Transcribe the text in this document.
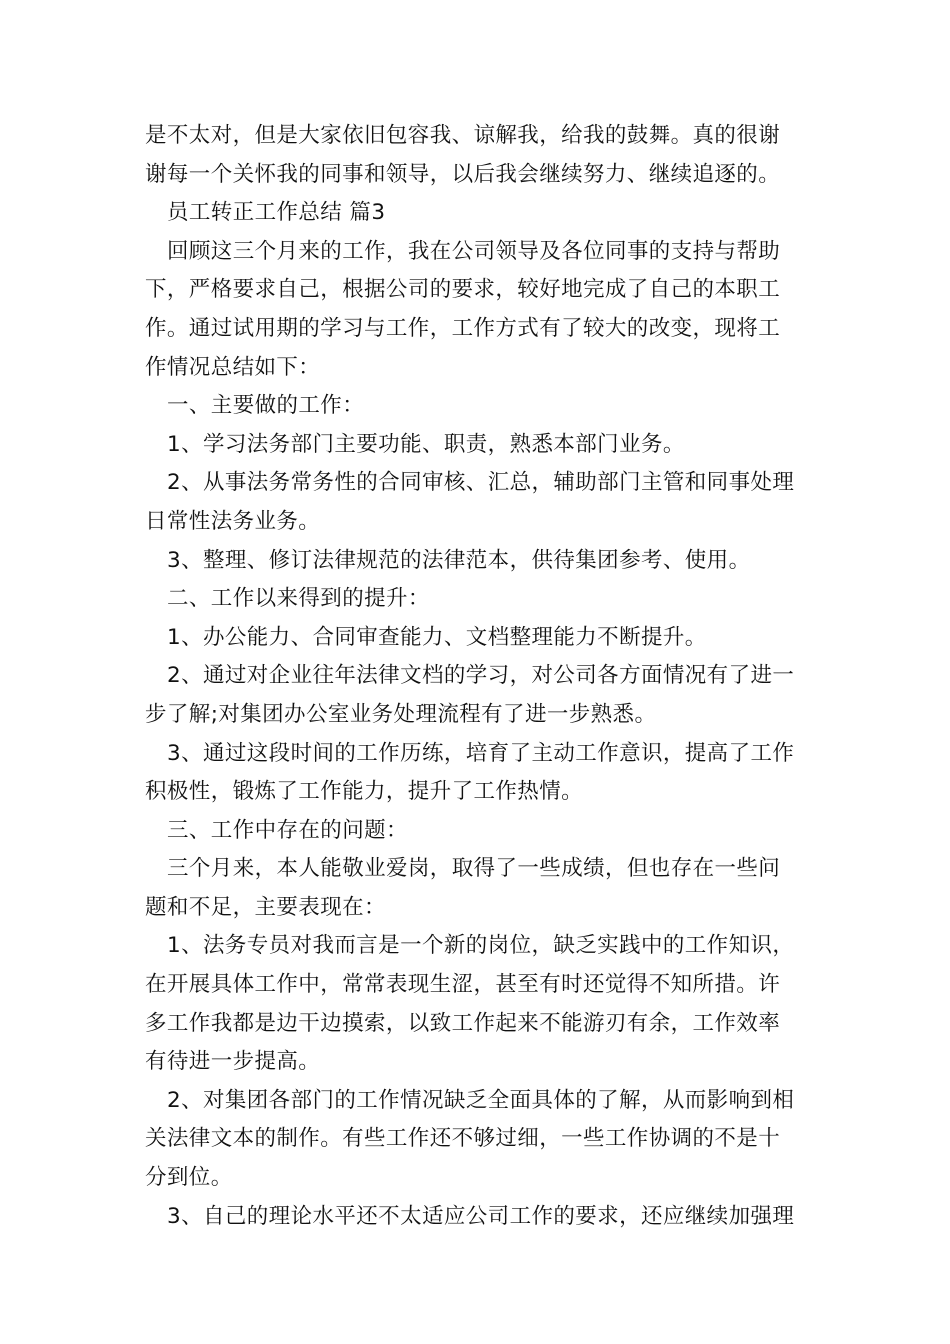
是不太对，但是大家依旧包容我、谅解我，给我的鼓舞。真的很谢
谢每一个关怀我的同事和领导，以后我会继续努力、继续追逐的。
员工转正工作总结 篇3
回顾这三个月来的工作，我在公司领导及各位同事的支持与帮助
下，严格要求自己，根据公司的要求，较好地完成了自己的本职工
作。通过试用期的学习与工作，工作方式有了较大的改变，现将工
作情况总结如下：
一、主要做的工作：
1、学习法务部门主要功能、职责，熟悉本部门业务。
2、从事法务常务性的合同审核、汇总，辅助部门主管和同事处理
日常性法务业务。
3、整理、修订法律规范的法律范本，供待集团参考、使用。
二、工作以来得到的提升：
1、办公能力、合同审查能力、文档整理能力不断提升。
2、通过对企业往年法律文档的学习，对公司各方面情况有了进一
步了解;对集团办公室业务处理流程有了进一步熟悉。
3、通过这段时间的工作历练，培育了主动工作意识，提高了工作
积极性，锻炼了工作能力，提升了工作热情。
三、工作中存在的问题：
三个月来，本人能敬业爱岗，取得了一些成绩，但也存在一些问
题和不足，主要表现在：
1、法务专员对我而言是一个新的岗位，缺乏实践中的工作知识，
在开展具体工作中，常常表现生涩，甚至有时还觉得不知所措。许
多工作我都是边干边摸索，以致工作起来不能游刃有余，工作效率
有待进一步提高。
2、对集团各部门的工作情况缺乏全面具体的了解，从而影响到相
关法律文本的制作。有些工作还不够过细，一些工作协调的不是十
分到位。
3、自己的理论水平还不太适应公司工作的要求，还应继续加强理
